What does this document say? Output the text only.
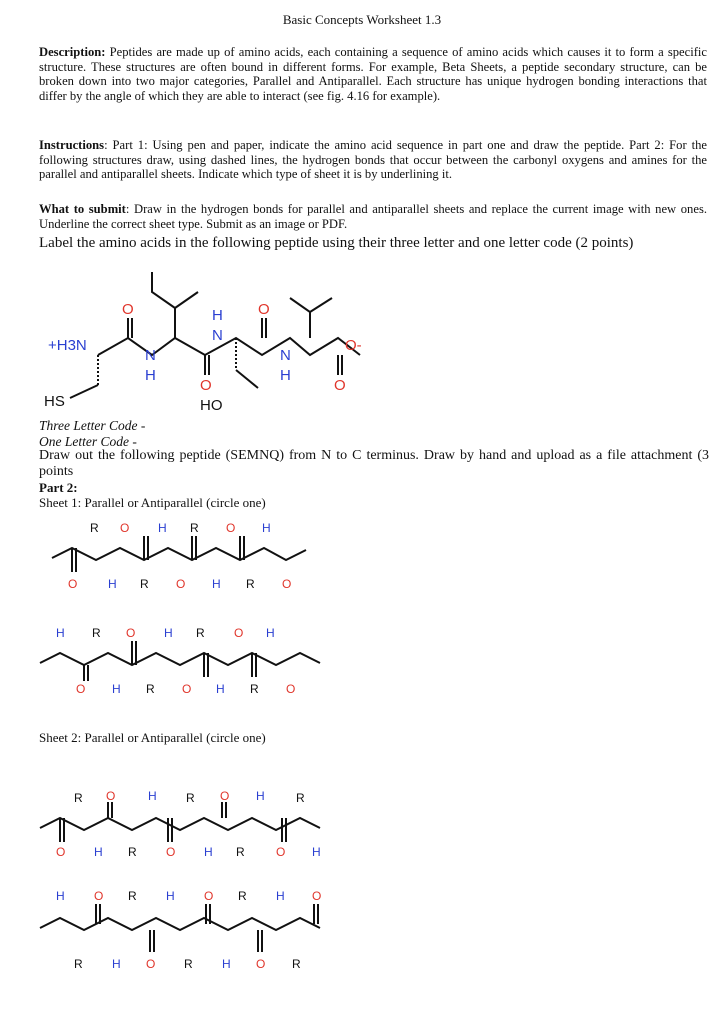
Basic Concepts Worksheet 1.3
Description: Peptides are made up of amino acids, each containing a sequence of amino acids which causes it to form a specific structure. These structures are often bound in different forms. For example, Beta Sheets, a peptide secondary structure, can be broken down into two major categories, Parallel and Antiparallel. Each structure has unique hydrogen bonding interactions that differ by the angle of which they are able to interact (see fig. 4.16 for example).
Instructions: Part 1: Using pen and paper, indicate the amino acid sequence in part one and draw the peptide. Part 2: For the following structures draw, using dashed lines, the hydrogen bonds that occur between the carbonyl oxygens and amines for the parallel and antiparallel sheets. Indicate which type of sheet it is by underlining it.
What to submit: Draw in the hydrogen bonds for parallel and antiparallel sheets and replace the current image with new ones. Underline the correct sheet type. Submit as an image or PDF.
Label the amino acids in the following peptide using their three letter and one letter code (2 points)
+H3N
O
N
H
O
H
N
O
N
H
O
O-
HS	HO
Three Letter Code -
One Letter Code -
Draw out the following peptide (SEMNQ) from N to C terminus. Draw by hand and upload as a file attachment (3 points
Part 2:
Sheet 1: Parallel or Antiparallel (circle one)
R O H R O H
O	H R O H R O
H R O H R O H
O H R O H R O
Sheet 2: Parallel or Antiparallel (circle one)
R O	H R O H	R
O H R O H R	O H
H O R H O R H O
R H O R H O R
